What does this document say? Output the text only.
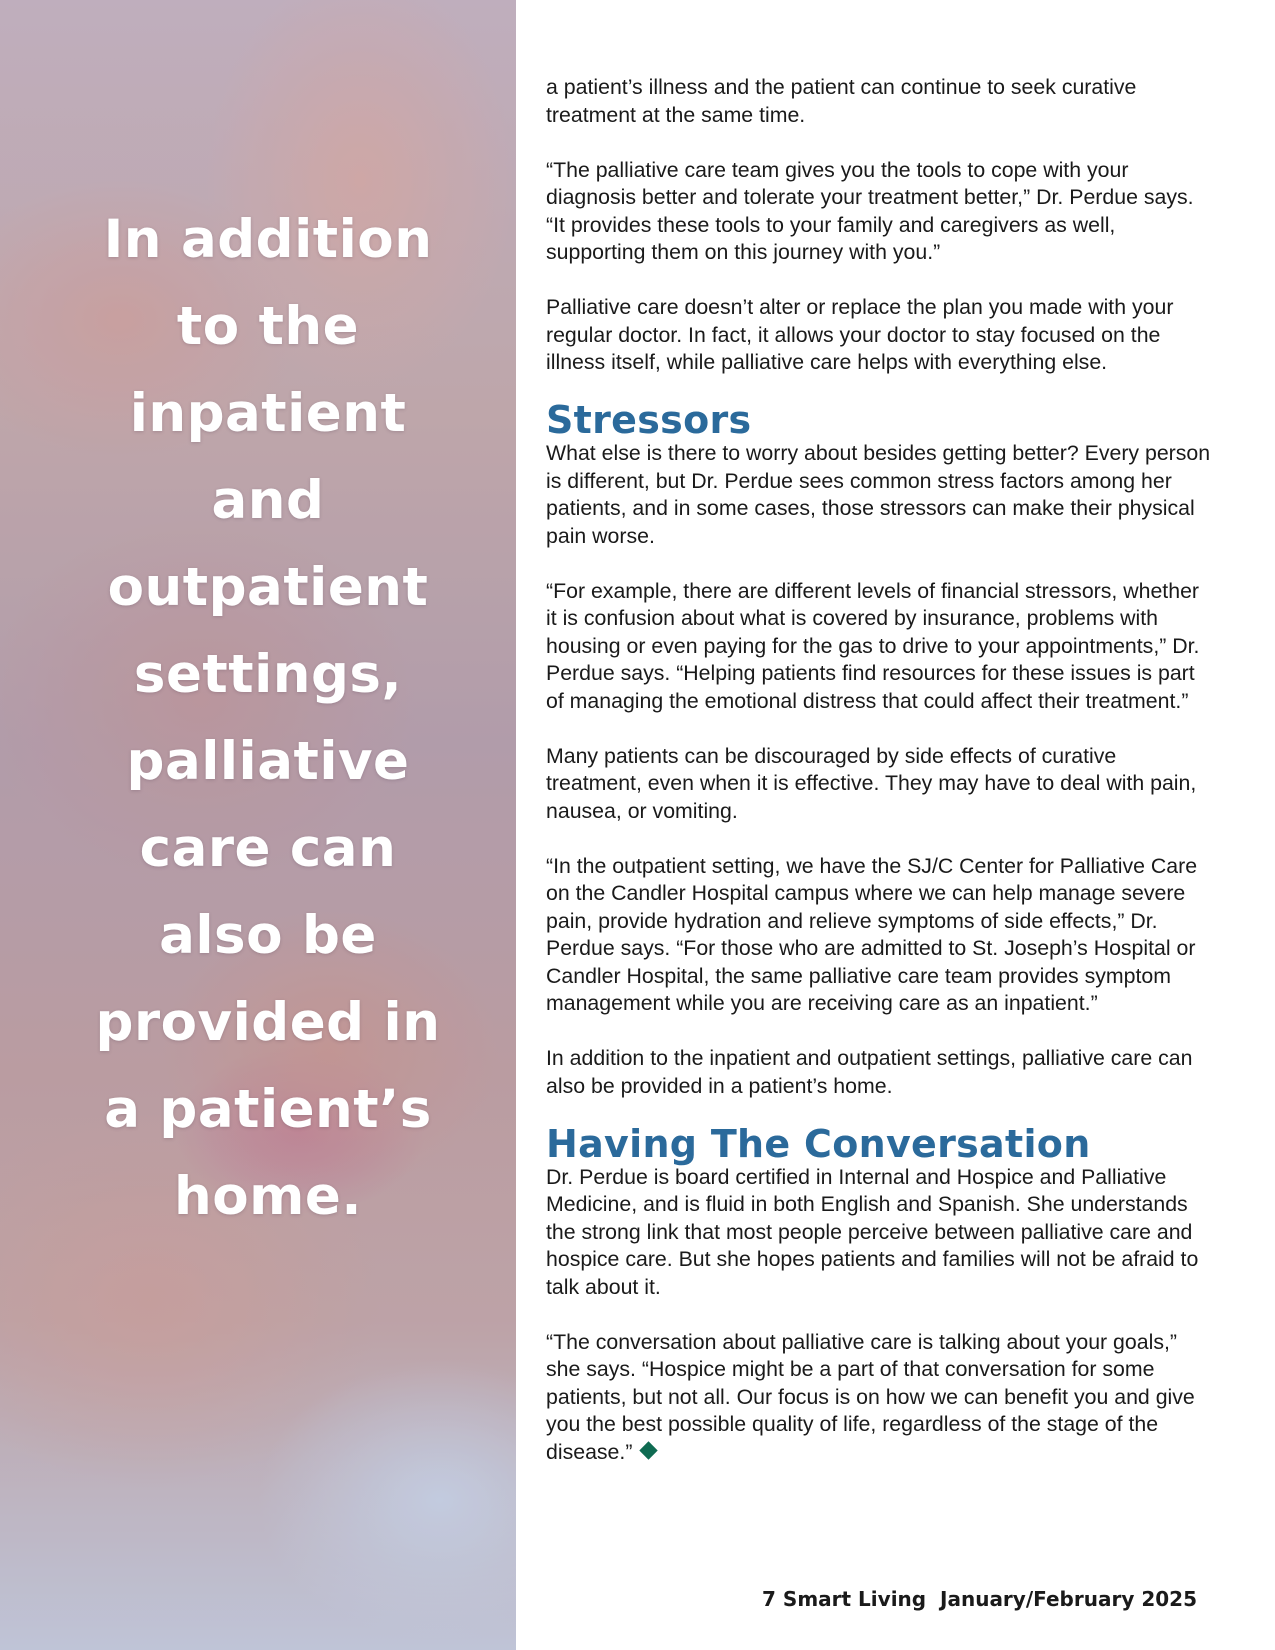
In addition to the inpatient and outpatient settings, palliative care can also be provided in a patient’s home.

a patient’s illness and the patient can continue to seek curative treatment at the same time.

“The palliative care team gives you the tools to cope with your diagnosis better and tolerate your treatment better,” Dr. Perdue says. “It provides these tools to your family and caregivers as well, supporting them on this journey with you.”

Palliative care doesn’t alter or replace the plan you made with your regular doctor. In fact, it allows your doctor to stay focused on the illness itself, while palliative care helps with everything else.

Stressors

What else is there to worry about besides getting better? Every person is different, but Dr. Perdue sees common stress factors among her patients, and in some cases, those stressors can make their physical pain worse.

“For example, there are different levels of financial stressors, whether it is confusion about what is covered by insurance, problems with housing or even paying for the gas to drive to your appointments,” Dr. Perdue says. “Helping patients find resources for these issues is part of managing the emotional distress that could affect their treatment.”

Many patients can be discouraged by side effects of curative treatment, even when it is effective. They may have to deal with pain, nausea, or vomiting.

“In the outpatient setting, we have the SJ/C Center for Palliative Care on the Candler Hospital campus where we can help manage severe pain, provide hydration and relieve symptoms of side effects,” Dr. Perdue says. “For those who are admitted to St. Joseph’s Hospital or Candler Hospital, the same palliative care team provides symptom management while you are receiving care as an inpatient.”

In addition to the inpatient and outpatient settings, palliative care can also be provided in a patient’s home.

Having The Conversation

Dr. Perdue is board certified in Internal and Hospice and Palliative Medicine, and is fluid in both English and Spanish. She understands the strong link that most people perceive between palliative care and hospice care. But she hopes patients and families will not be afraid to talk about it.

“The conversation about palliative care is talking about your goals,” she says. “Hospice might be a part of that conversation for some patients, but not all. Our focus is on how we can benefit you and give you the best possible quality of life, regardless of the stage of the disease.”

7 Smart Living  January/February 2025
